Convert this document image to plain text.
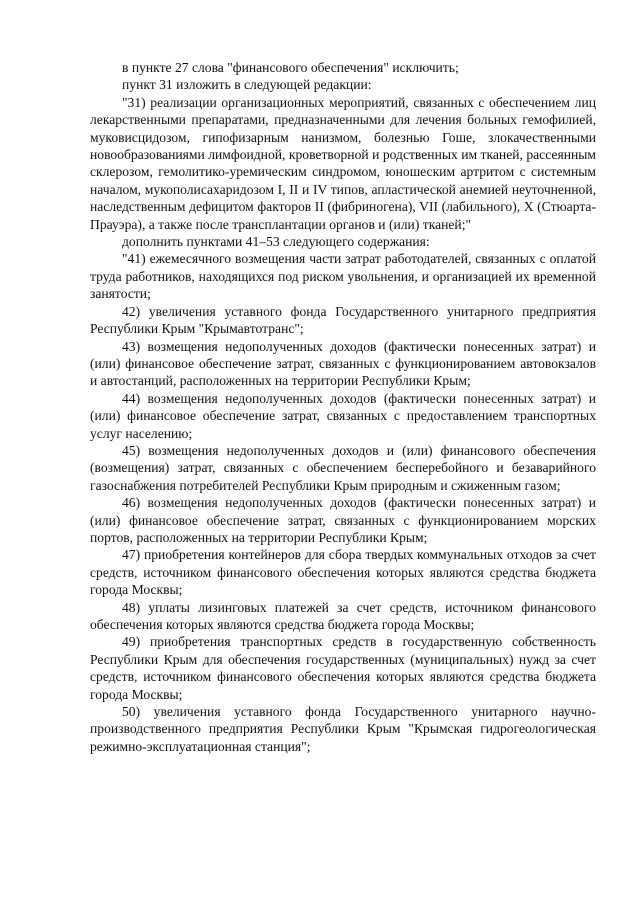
в пункте 27 слова "финансового обеспечения" исключить;

пункт 31 изложить в следующей редакции:

"31) реализации организационных мероприятий, связанных с обеспечением лиц лекарственными препаратами, предназначенными для лечения больных гемофилией, муковисцидозом, гипофизарным нанизмом, болезнью Гоше, злокачественными новообразованиями лимфоидной, кроветворной и родственных им тканей, рассеянным склерозом, гемолитико-уремическим синдромом, юношеским артритом с системным началом, мукополисахаридозом I, II и IV типов, апластической анемией неуточненной, наследственным дефицитом факторов II (фибриногена), VII (лабильного), X (Стюарта-Прауэра), а также после трансплантации органов и (или) тканей;"

дополнить пунктами 41–53 следующего содержания:

"41) ежемесячного возмещения части затрат работодателей, связанных с оплатой труда работников, находящихся под риском увольнения, и организацией их временной занятости;

42) увеличения уставного фонда Государственного унитарного предприятия Республики Крым "Крымавтотранс";

43) возмещения недополученных доходов (фактически понесенных затрат) и (или) финансовое обеспечение затрат, связанных с функционированием автовокзалов и автостанций, расположенных на территории Республики Крым;

44) возмещения недополученных доходов (фактически понесенных затрат) и (или) финансовое обеспечение затрат, связанных с предоставлением транспортных услуг населению;

45) возмещения недополученных доходов и (или) финансового обеспечения (возмещения) затрат, связанных с обеспечением бесперебойного и безаварийного газоснабжения потребителей Республики Крым природным и сжиженным газом;

46) возмещения недополученных доходов (фактически понесенных затрат) и (или) финансовое обеспечение затрат, связанных с функционированием морских портов, расположенных на территории Республики Крым;

47) приобретения контейнеров для сбора твердых коммунальных отходов за счет средств, источником финансового обеспечения которых являются средства бюджета города Москвы;

48) уплаты лизинговых платежей за счет средств, источником финансового обеспечения которых являются средства бюджета города Москвы;

49) приобретения транспортных средств в государственную собственность Республики Крым для обеспечения государственных (муниципальных) нужд за счет средств, источником финансового обеспечения которых являются средства бюджета города Москвы;

50) увеличения уставного фонда Государственного унитарного научно-производственного предприятия Республики Крым "Крымская гидрогеологическая режимно-эксплуатационная станция";
